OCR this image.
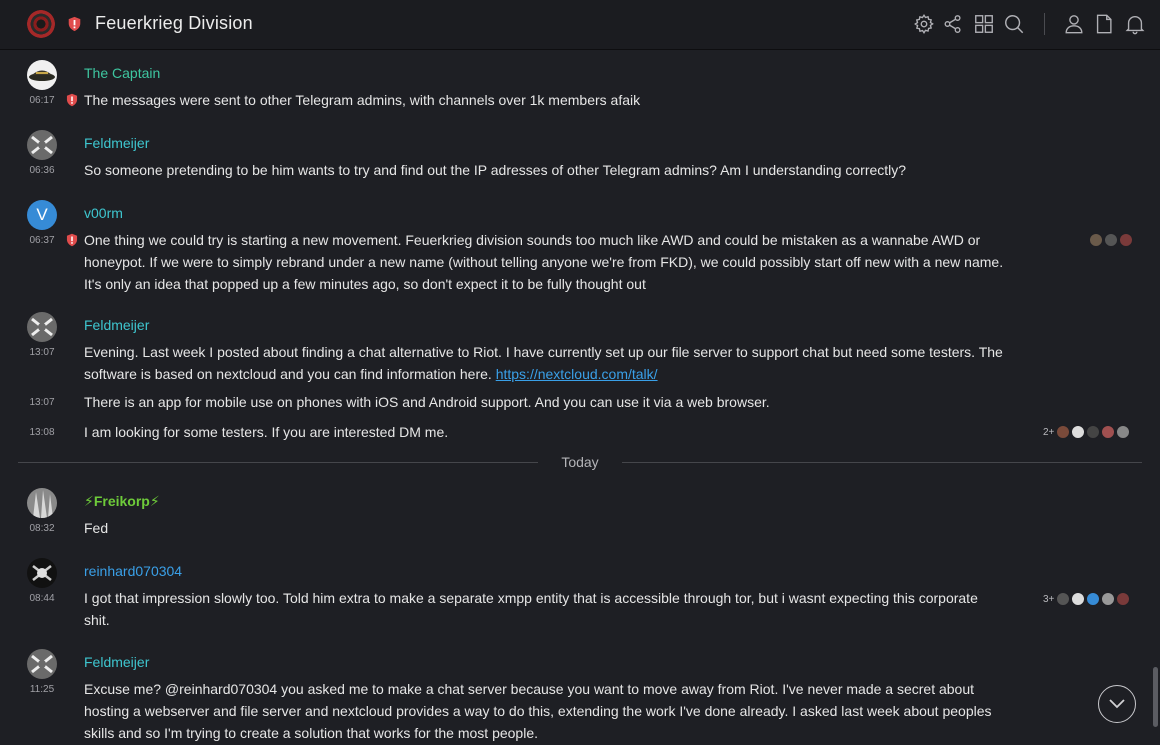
Feuerkrieg Division
The Captain
06:17	The messages were sent to other Telegram admins, with channels over 1k members afaik
Feldmeijer
06:36	So someone pretending to be him wants to try and find out the IP adresses of other Telegram admins? Am I understanding correctly?
V	v00rm
06:37	One thing we could try is starting a new movement. Feuerkrieg division sounds too much like AWD and could be mistaken as a wannabe AWD or honeypot. If we were to simply rebrand under a new name (without telling anyone we're from FKD), we could possibly start off new with a new name. It's only an idea that popped up a few minutes ago, so don't expect it to be fully thought out
Feldmeijer
13:07	Evening. Last week I posted about finding a chat alternative to Riot. I have currently set up our file server to support chat but need some testers. The software is based on nextcloud and you can find information here. https://nextcloud.com/talk/
13:07	There is an app for mobile use on phones with iOS and Android support. And you can use it via a web browser.
13:08	I am looking for some testers. If you are interested DM me.	2+
Today
⚡Freikorp⚡
08:32	Fed
reinhard070304
08:44	I got that impression slowly too. Told him extra to make a separate xmpp entity that is accessible through tor, but i wasnt expecting this corporate shit.
3+
Feldmeijer
11:25	Excuse me? @reinhard070304 you asked me to make a chat server because you want to move away from Riot. I've never made a secret about hosting a webserver and file server and nextcloud provides a way to do this, extending the work I've done already. I asked last week about peoples skills and so I'm trying to create a solution that works for the most people.
